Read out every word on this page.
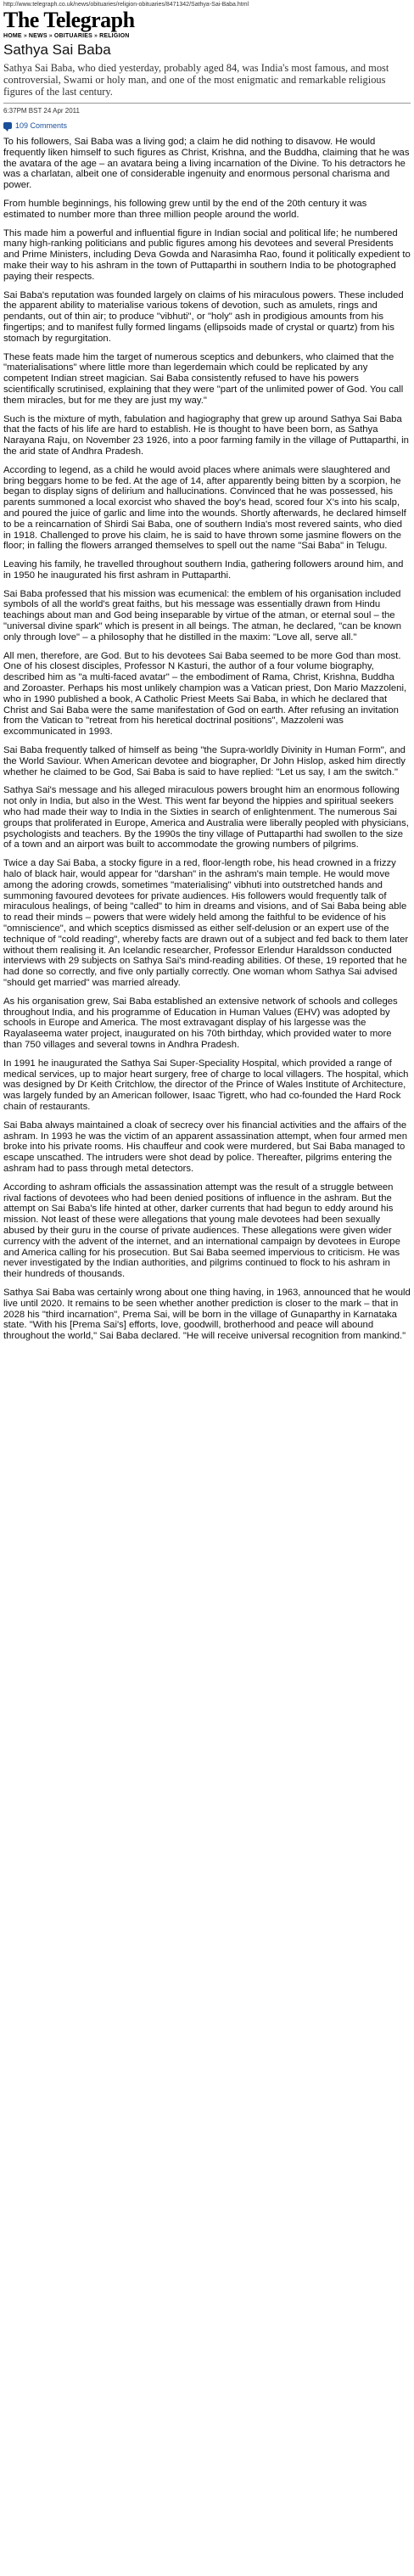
http://www.telegraph.co.uk/news/obituaries/religion-obituaries/8471342/Sathya-Sai-Baba.html
The Telegraph
HOME » NEWS » OBITUARIES » RELIGION
Sathya Sai Baba

Sathya Sai Baba, who died yesterday, probably aged 84, was India's most famous, and most controversial, Swami or holy man, and one of the most enigmatic and remarkable religious figures of the last century.

6:37PM BST 24 Apr 2011
109 Comments

To his followers, Sai Baba was a living god; a claim he did nothing to disavow. He would frequently liken himself to such figures as Christ, Krishna, and the Buddha, claiming that he was the avatara of the age – an avatara being a living incarnation of the Divine. To his detractors he was a charlatan, albeit one of considerable ingenuity and enormous personal charisma and power.

From humble beginnings, his following grew until by the end of the 20th century it was estimated to number more than three million people around the world.

This made him a powerful and influential figure in Indian social and political life; he numbered many high-ranking politicians and public figures among his devotees and several Presidents and Prime Ministers, including Deva Gowda and Narasimha Rao, found it politically expedient to make their way to his ashram in the town of Puttaparthi in southern India to be photographed paying their respects.

Sai Baba's reputation was founded largely on claims of his miraculous powers. These included the apparent ability to materialise various tokens of devotion, such as amulets, rings and pendants, out of thin air; to produce "vibhuti", or "holy" ash in prodigious amounts from his fingertips; and to manifest fully formed lingams (ellipsoids made of crystal or quartz) from his stomach by regurgitation.

These feats made him the target of numerous sceptics and debunkers, who claimed that the "materialisations" where little more than legerdemain which could be replicated by any competent Indian street magician. Sai Baba consistently refused to have his powers scientifically scrutinised, explaining that they were "part of the unlimited power of God. You call them miracles, but for me they are just my way."

Such is the mixture of myth, fabulation and hagiography that grew up around Sathya Sai Baba that the facts of his life are hard to establish. He is thought to have been born, as Sathya Narayana Raju, on November 23 1926, into a poor farming family in the village of Puttaparthi, in the arid state of Andhra Pradesh.

According to legend, as a child he would avoid places where animals were slaughtered and bring beggars home to be fed. At the age of 14, after apparently being bitten by a scorpion, he began to display signs of delirium and hallucinations. Convinced that he was possessed, his parents summoned a local exorcist who shaved the boy's head, scored four X's into his scalp, and poured the juice of garlic and lime into the wounds. Shortly afterwards, he declared himself to be a reincarnation of Shirdi Sai Baba, one of southern India's most revered saints, who died in 1918. Challenged to prove his claim, he is said to have thrown some jasmine flowers on the floor; in falling the flowers arranged themselves to spell out the name "Sai Baba" in Telugu.

Leaving his family, he travelled throughout southern India, gathering followers around him, and in 1950 he inaugurated his first ashram in Puttaparthi.

Sai Baba professed that his mission was ecumenical: the emblem of his organisation included symbols of all the world's great faiths, but his message was essentially drawn from Hindu teachings about man and God being inseparable by virtue of the atman, or eternal soul – the "universal divine spark" which is present in all beings. The atman, he declared, "can be known only through love" – a philosophy that he distilled in the maxim: "Love all, serve all."

All men, therefore, are God. But to his devotees Sai Baba seemed to be more God than most. One of his closest disciples, Professor N Kasturi, the author of a four volume biography, described him as "a multi-faced avatar" – the embodiment of Rama, Christ, Krishna, Buddha and Zoroaster. Perhaps his most unlikely champion was a Vatican priest, Don Mario Mazzoleni, who in 1990 published a book, A Catholic Priest Meets Sai Baba, in which he declared that Christ and Sai Baba were the same manifestation of God on earth. After refusing an invitation from the Vatican to "retreat from his heretical doctrinal positions", Mazzoleni was excommunicated in 1993.

Sai Baba frequently talked of himself as being "the Supra-worldly Divinity in Human Form", and the World Saviour. When American devotee and biographer, Dr John Hislop, asked him directly whether he claimed to be God, Sai Baba is said to have replied: "Let us say, I am the switch."

Sathya Sai's message and his alleged miraculous powers brought him an enormous following not only in India, but also in the West. This went far beyond the hippies and spiritual seekers who had made their way to India in the Sixties in search of enlightenment. The numerous Sai groups that proliferated in Europe, America and Australia were liberally peopled with physicians, psychologists and teachers. By the 1990s the tiny village of Puttaparthi had swollen to the size of a town and an airport was built to accommodate the growing numbers of pilgrims.

Twice a day Sai Baba, a stocky figure in a red, floor-length robe, his head crowned in a frizzy halo of black hair, would appear for "darshan" in the ashram's main temple. He would move among the adoring crowds, sometimes "materialising" vibhuti into outstretched hands and summoning favoured devotees for private audiences. His followers would frequently talk of miraculous healings, of being "called" to him in dreams and visions, and of Sai Baba being able to read their minds – powers that were widely held among the faithful to be evidence of his "omniscience", and which sceptics dismissed as either self-delusion or an expert use of the technique of "cold reading", whereby facts are drawn out of a subject and fed back to them later without them realising it. An Icelandic researcher, Professor Erlendur Haraldsson conducted interviews with 29 subjects on Sathya Sai's mind-reading abilities. Of these, 19 reported that he had done so correctly, and five only partially correctly. One woman whom Sathya Sai advised "should get married" was married already.

As his organisation grew, Sai Baba established an extensive network of schools and colleges throughout India, and his programme of Education in Human Values (EHV) was adopted by schools in Europe and America. The most extravagant display of his largesse was the Rayalaseema water project, inaugurated on his 70th birthday, which provided water to more than 750 villages and several towns in Andhra Pradesh.

In 1991 he inaugurated the Sathya Sai Super-Speciality Hospital, which provided a range of medical services, up to major heart surgery, free of charge to local villagers. The hospital, which was designed by Dr Keith Critchlow, the director of the Prince of Wales Institute of Architecture, was largely funded by an American follower, Isaac Tigrett, who had co-founded the Hard Rock chain of restaurants.

Sai Baba always maintained a cloak of secrecy over his financial activities and the affairs of the ashram. In 1993 he was the victim of an apparent assassination attempt, when four armed men broke into his private rooms. His chauffeur and cook were murdered, but Sai Baba managed to escape unscathed. The intruders were shot dead by police. Thereafter, pilgrims entering the ashram had to pass through metal detectors.

According to ashram officials the assassination attempt was the result of a struggle between rival factions of devotees who had been denied positions of influence in the ashram. But the attempt on Sai Baba's life hinted at other, darker currents that had begun to eddy around his mission. Not least of these were allegations that young male devotees had been sexually abused by their guru in the course of private audiences. These allegations were given wider currency with the advent of the internet, and an international campaign by devotees in Europe and America calling for his prosecution. But Sai Baba seemed impervious to criticism. He was never investigated by the Indian authorities, and pilgrims continued to flock to his ashram in their hundreds of thousands.

Sathya Sai Baba was certainly wrong about one thing having, in 1963, announced that he would live until 2020. It remains to be seen whether another prediction is closer to the mark – that in 2028 his "third incarnation", Prema Sai, will be born in the village of Gunaparthy in Karnataka state. "With his [Prema Sai's] efforts, love, goodwill, brotherhood and peace will abound throughout the world," Sai Baba declared. "He will receive universal recognition from mankind."
